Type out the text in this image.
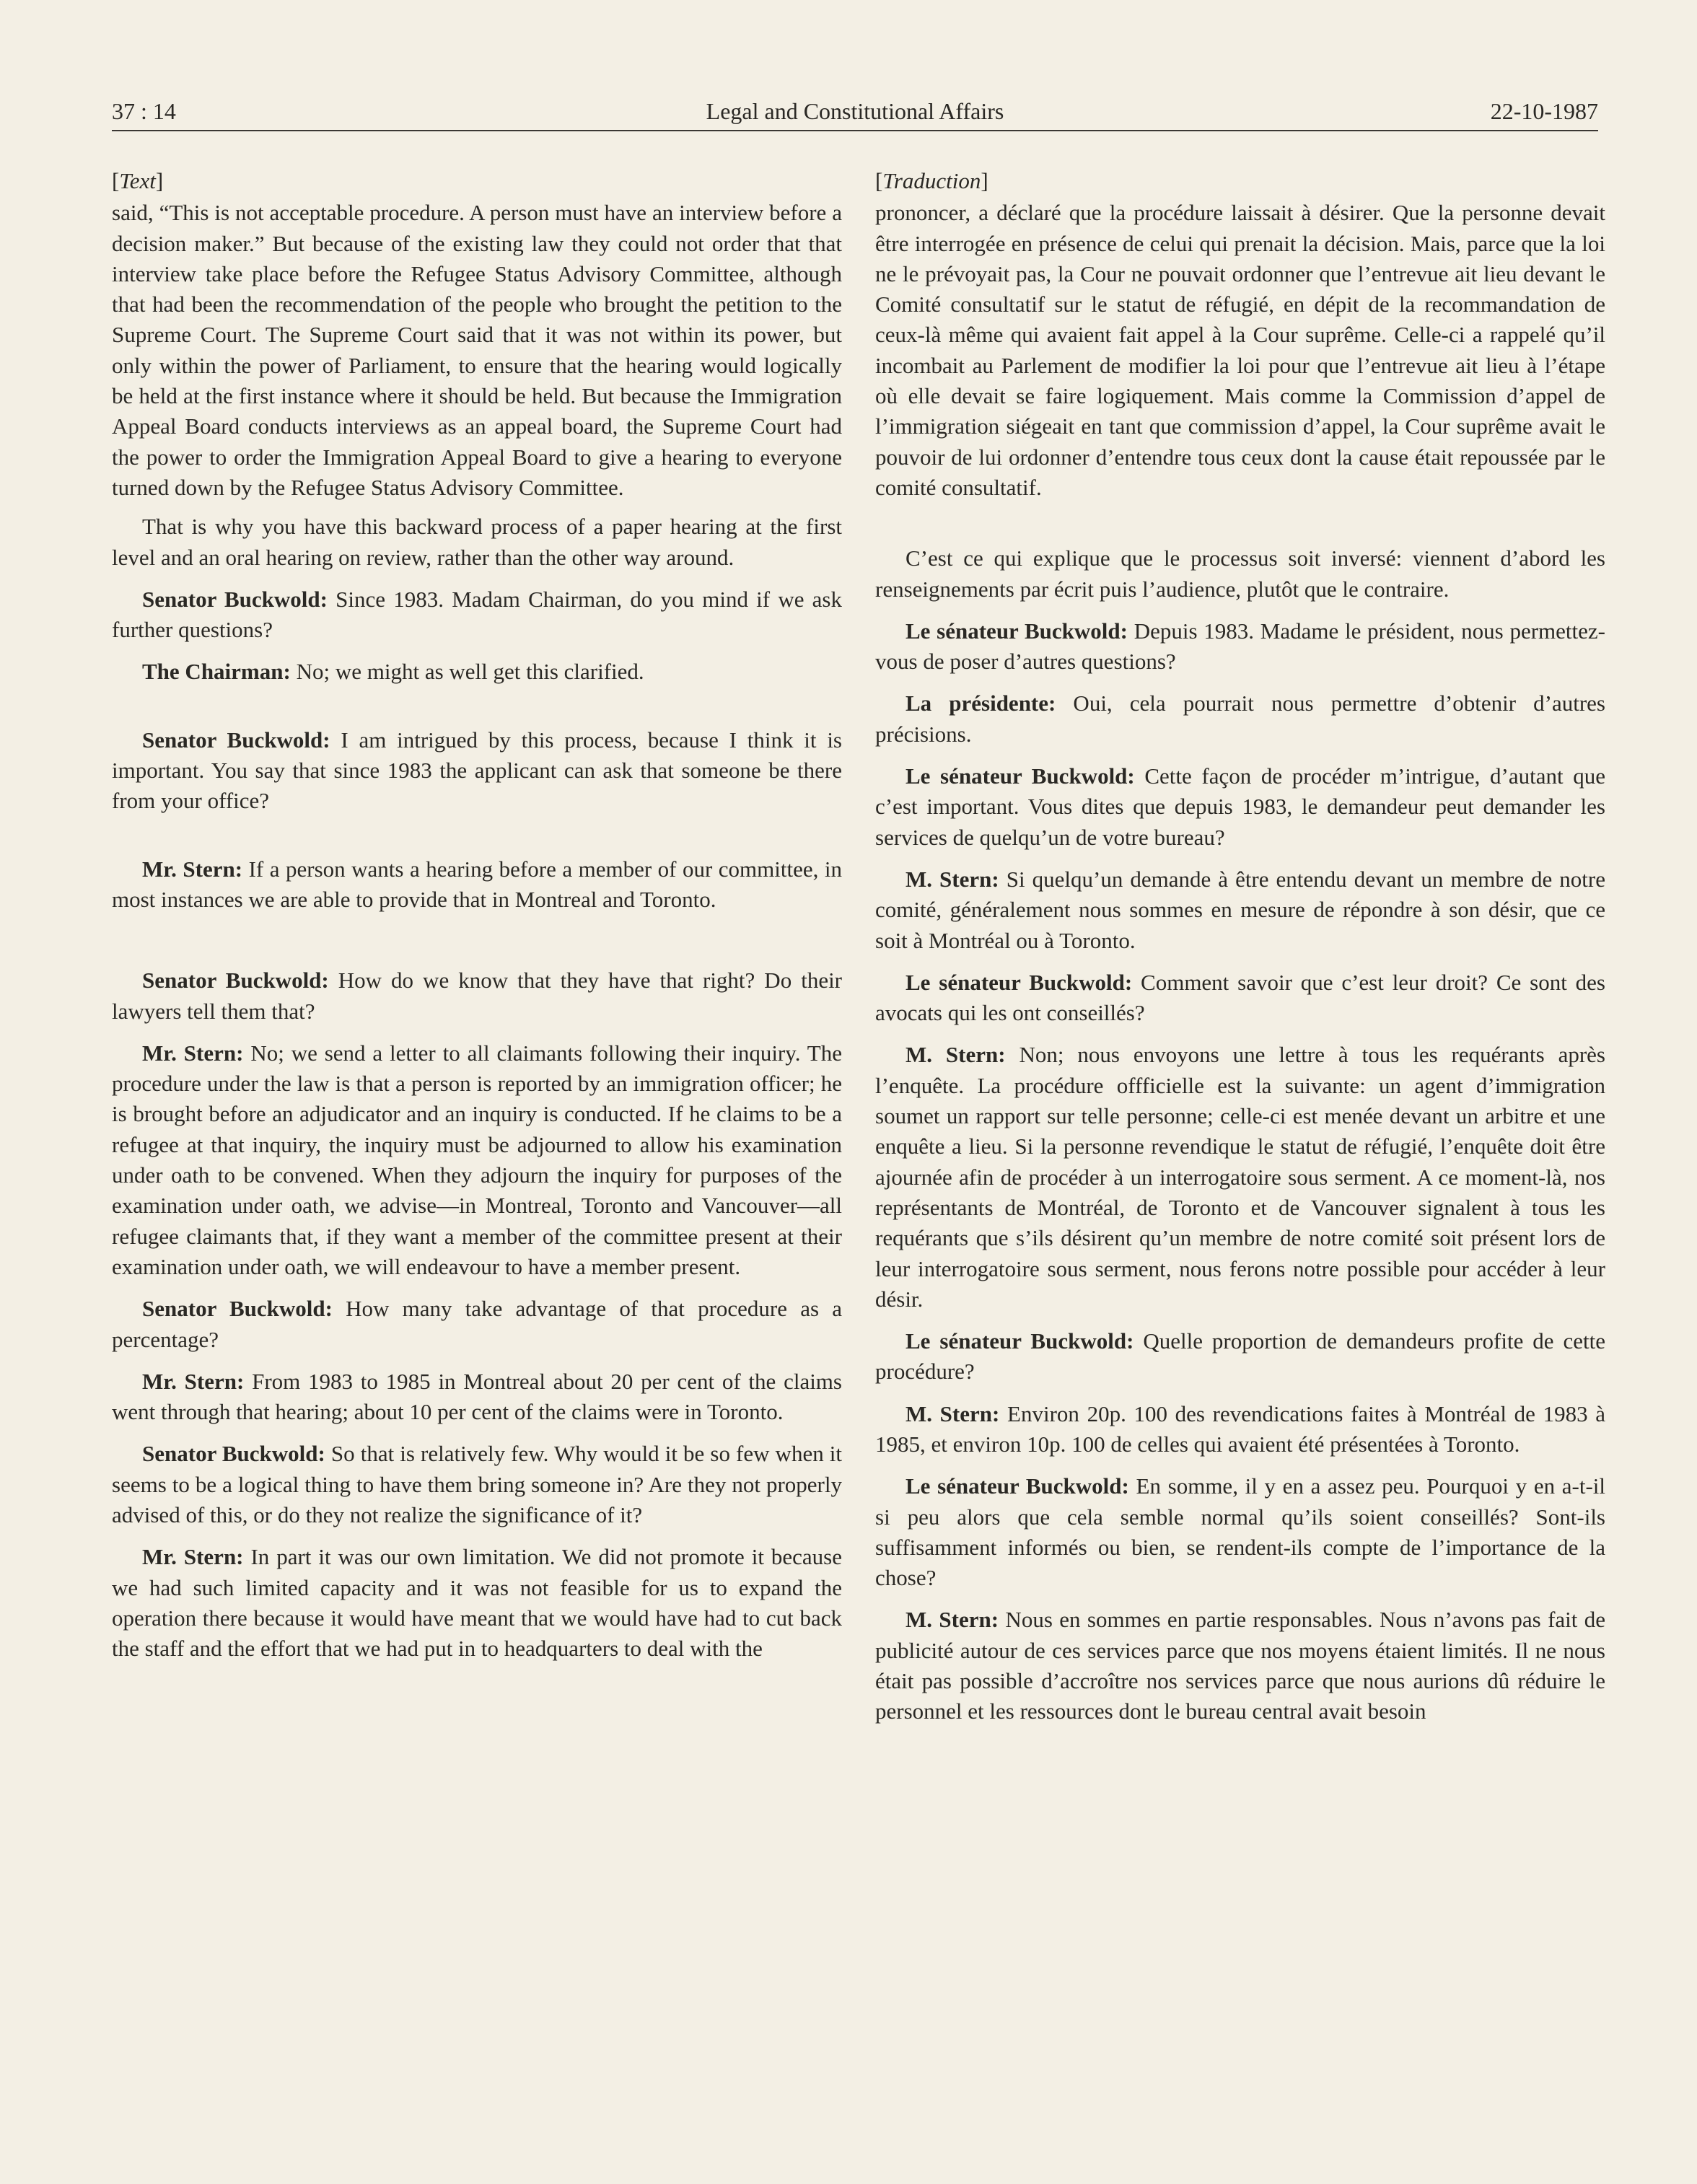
37 : 14	Legal and Constitutional Affairs	22-10-1987
[Text]

said, “This is not acceptable procedure. A person must have an interview before a decision maker.” But because of the existing law they could not order that that interview take place before the Refugee Status Advisory Committee, although that had been the recommendation of the people who brought the petition to the Supreme Court. The Supreme Court said that it was not within its power, but only within the power of Parliament, to ensure that the hearing would logically be held at the first instance where it should be held. But because the Immigration Appeal Board conducts interviews as an appeal board, the Supreme Court had the power to order the Immigration Appeal Board to give a hearing to everyone turned down by the Refugee Status Advisory Committee.

That is why you have this backward process of a paper hearing at the first level and an oral hearing on review, rather than the other way around.

Senator Buckwold: Since 1983. Madam Chairman, do you mind if we ask further questions?

The Chairman: No; we might as well get this clarified.

Senator Buckwold: I am intrigued by this process, because I think it is important. You say that since 1983 the applicant can ask that someone be there from your office?

Mr. Stern: If a person wants a hearing before a member of our committee, in most instances we are able to provide that in Montreal and Toronto.

Senator Buckwold: How do we know that they have that right? Do their lawyers tell them that?

Mr. Stern: No; we send a letter to all claimants following their inquiry. The procedure under the law is that a person is reported by an immigration officer; he is brought before an adjudicator and an inquiry is conducted. If he claims to be a refugee at that inquiry, the inquiry must be adjourned to allow his examination under oath to be convened. When they adjourn the inquiry for purposes of the examination under oath, we advise—in Montreal, Toronto and Vancouver—all refugee claimants that, if they want a member of the committee present at their examination under oath, we will endeavour to have a member present.

Senator Buckwold: How many take advantage of that procedure as a percentage?

Mr. Stern: From 1983 to 1985 in Montreal about 20 per cent of the claims went through that hearing; about 10 per cent of the claims were in Toronto.

Senator Buckwold: So that is relatively few. Why would it be so few when it seems to be a logical thing to have them bring someone in? Are they not properly advised of this, or do they not realize the significance of it?

Mr. Stern: In part it was our own limitation. We did not promote it because we had such limited capacity and it was not feasible for us to expand the operation there because it would have meant that we would have had to cut back the staff and the effort that we had put in to headquarters to deal with the

[Traduction]

prononcer, a déclaré que la procédure laissait à désirer. Que la personne devait être interrogée en présence de celui qui prenait la décision. Mais, parce que la loi ne le prévoyait pas, la Cour ne pouvait ordonner que l’entrevue ait lieu devant le Comité consultatif sur le statut de réfugié, en dépit de la recommandation de ceux-là même qui avaient fait appel à la Cour suprême. Celle-ci a rappelé qu’il incombait au Parlement de modifier la loi pour que l’entrevue ait lieu à l’étape où elle devait se faire logiquement. Mais comme la Commission d’appel de l’immigration siégeait en tant que commission d’appel, la Cour suprême avait le pouvoir de lui ordonner d’entendre tous ceux dont la cause était repoussée par le comité consultatif.

C’est ce qui explique que le processus soit inversé: viennent d’abord les renseignements par écrit puis l’audience, plutôt que le contraire.

Le sénateur Buckwold: Depuis 1983. Madame le président, nous permettez-vous de poser d’autres questions?

La présidente: Oui, cela pourrait nous permettre d’obtenir d’autres précisions.

Le sénateur Buckwold: Cette façon de procéder m’intrigue, d’autant que c’est important. Vous dites que depuis 1983, le demandeur peut demander les services de quelqu’un de votre bureau?

M. Stern: Si quelqu’un demande à être entendu devant un membre de notre comité, généralement nous sommes en mesure de répondre à son désir, que ce soit à Montréal ou à Toronto.

Le sénateur Buckwold: Comment savoir que c’est leur droit? Ce sont des avocats qui les ont conseillés?

M. Stern: Non; nous envoyons une lettre à tous les requérants après l’enquête. La procédure offficielle est la suivante: un agent d’immigration soumet un rapport sur telle personne; celle-ci est menée devant un arbitre et une enquête a lieu. Si la personne revendique le statut de réfugié, l’enquête doit être ajournée afin de procéder à un interrogatoire sous serment. A ce moment-là, nos représentants de Montréal, de Toronto et de Vancouver signalent à tous les requérants que s’ils désirent qu’un membre de notre comité soit présent lors de leur interrogatoire sous serment, nous ferons notre possible pour accéder à leur désir.

Le sénateur Buckwold: Quelle proportion de demandeurs profite de cette procédure?

M. Stern: Environ 20p. 100 des revendications faites à Montréal de 1983 à 1985, et environ 10p. 100 de celles qui avaient été présentées à Toronto.

Le sénateur Buckwold: En somme, il y en a assez peu. Pourquoi y en a-t-il si peu alors que cela semble normal qu’ils soient conseillés? Sont-ils suffisamment informés ou bien, se rendent-ils compte de l’importance de la chose?

M. Stern: Nous en sommes en partie responsables. Nous n’avons pas fait de publicité autour de ces services parce que nos moyens étaient limités. Il ne nous était pas possible d’accroître nos services parce que nous aurions dû réduire le personnel et les ressources dont le bureau central avait besoin
